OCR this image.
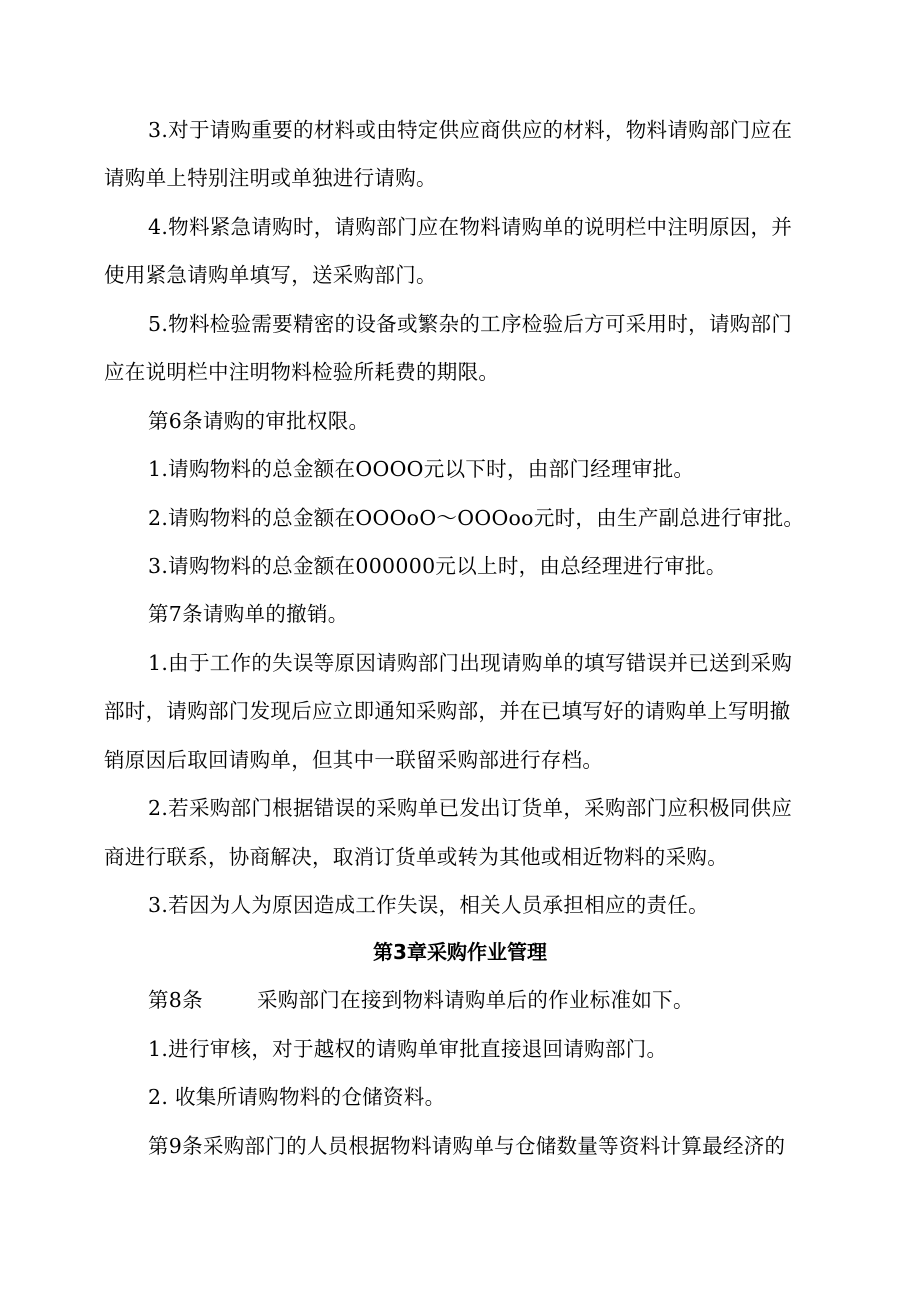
3.对于请购重要的材料或由特定供应商供应的材料，物料请购部门应在
请购单上特别注明或单独进行请购。
4.物料紧急请购时，请购部门应在物料请购单的说明栏中注明原因，并
使用紧急请购单填写，送采购部门。
5.物料检验需要精密的设备或繁杂的工序检验后方可采用时，请购部门
应在说明栏中注明物料检验所耗费的期限。
第6条请购的审批权限。
1.请购物料的总金额在OOOO元以下时，由部门经理审批。
2.请购物料的总金额在OOOoO～OOOoo元时，由生产副总进行审批。
3.请购物料的总金额在000000元以上时，由总经理进行审批。
第7条请购单的撤销。
1.由于工作的失误等原因请购部门出现请购单的填写错误并已送到采购
部时，请购部门发现后应立即通知采购部，并在已填写好的请购单上写明撤
销原因后取回请购单，但其中一联留采购部进行存档。
2.若采购部门根据错误的采购单已发出订货单，采购部门应积极同供应
商进行联系，协商解决，取消订货单或转为其他或相近物料的采购。
3.若因为人为原因造成工作失误，相关人员承担相应的责任。
第3章采购作业管理
第8条	采购部门在接到物料请购单后的作业标准如下。
1.进行审核，对于越权的请购单审批直接退回请购部门。
2. 收集所请购物料的仓储资料。
第9条采购部门的人员根据物料请购单与仓储数量等资料计算最经济的
